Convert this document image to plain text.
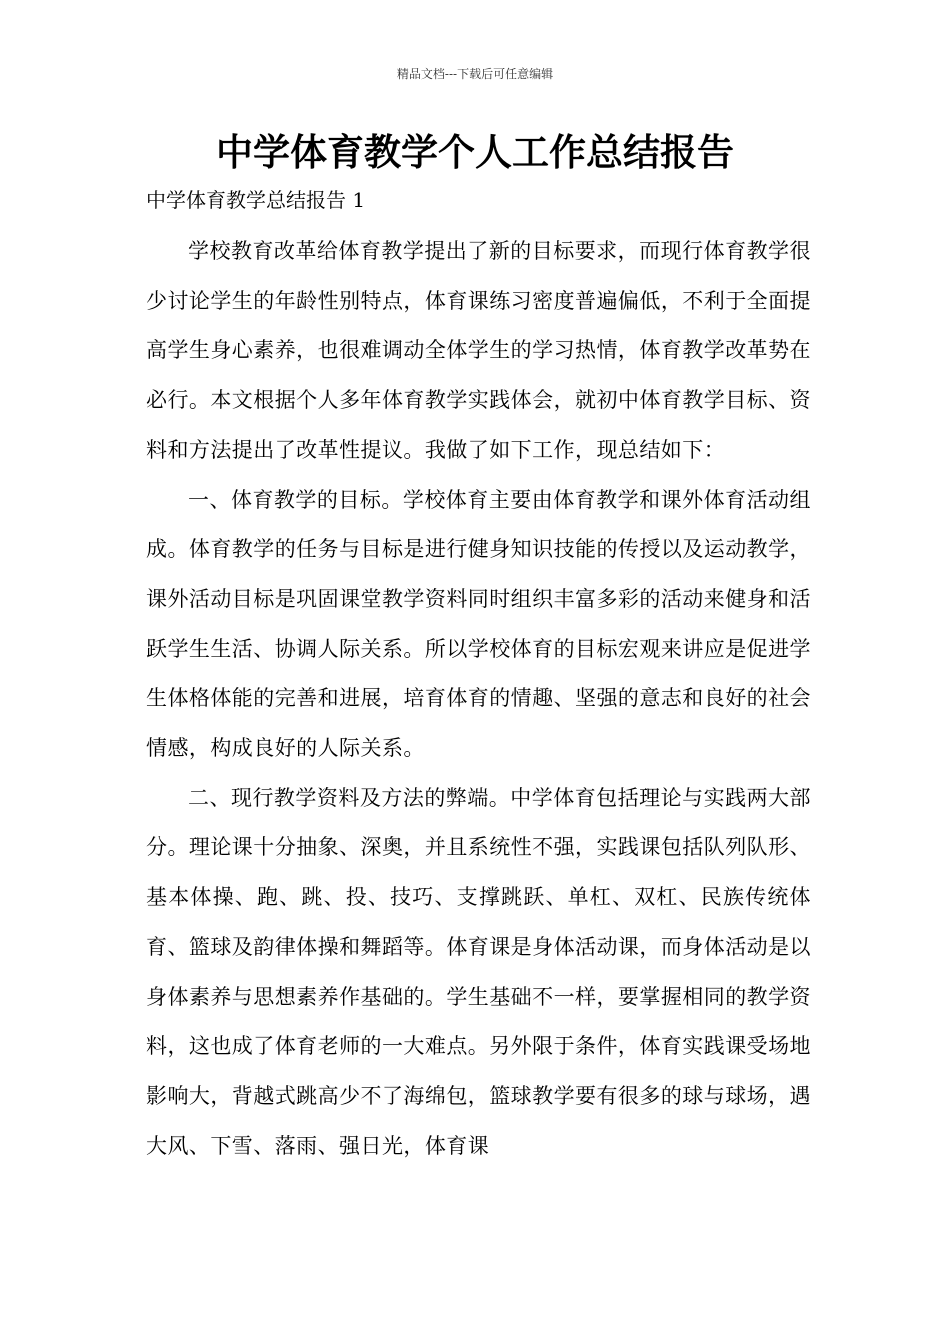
精品文档---下载后可任意编辑
中学体育教学个人工作总结报告
中学体育教学总结报告 1

学校教育改革给体育教学提出了新的目标要求，而现行体育教学很少讨论学生的年龄性别特点，体育课练习密度普遍偏低，不利于全面提高学生身心素养，也很难调动全体学生的学习热情，体育教学改革势在必行。本文根据个人多年体育教学实践体会，就初中体育教学目标、资料和方法提出了改革性提议。我做了如下工作，现总结如下：

一、体育教学的目标。学校体育主要由体育教学和课外体育活动组成。体育教学的任务与目标是进行健身知识技能的传授以及运动教学，课外活动目标是巩固课堂教学资料同时组织丰富多彩的活动来健身和活跃学生生活、协调人际关系。所以学校体育的目标宏观来讲应是促进学生体格体能的完善和进展，培育体育的情趣、坚强的意志和良好的社会情感，构成良好的人际关系。

二、现行教学资料及方法的弊端。中学体育包括理论与实践两大部分。理论课十分抽象、深奥，并且系统性不强，实践课包括队列队形、基本体操、跑、跳、投、技巧、支撑跳跃、单杠、双杠、民族传统体育、篮球及韵律体操和舞蹈等。体育课是身体活动课，而身体活动是以身体素养与思想素养作基础的。学生基础不一样，要掌握相同的教学资料，这也成了体育老师的一大难点。另外限于条件，体育实践课受场地影响大，背越式跳高少不了海绵包，篮球教学要有很多的球与球场，遇大风、下雪、落雨、强日光，体育课
